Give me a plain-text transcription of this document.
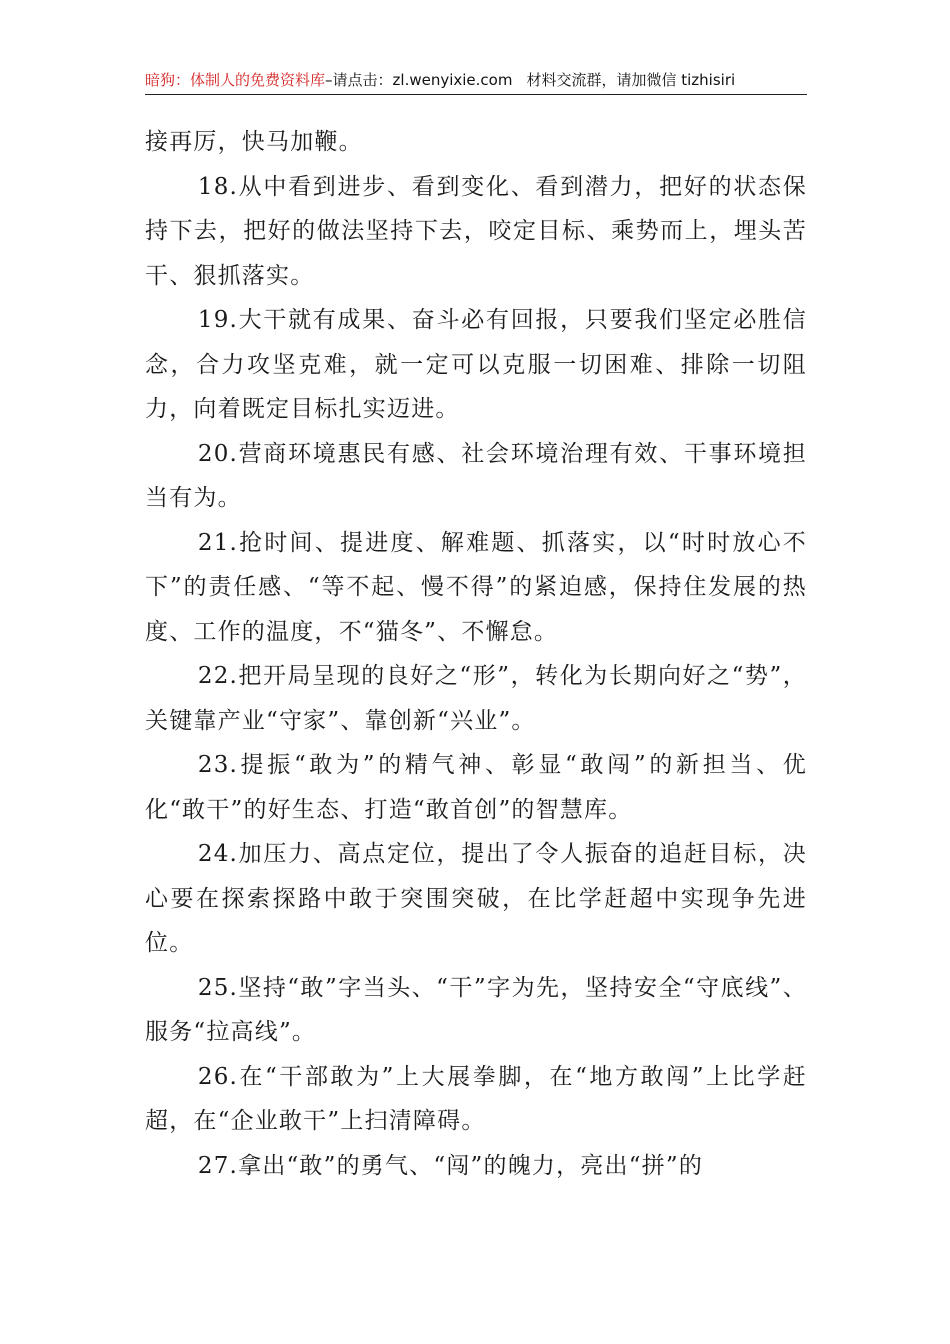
暗狗：体制人的免费资料库–请点击：zl.wenyixie.com 材料交流群，请加微信 tizhisiri

接再厉，快马加鞭。

18.从中看到进步、看到变化、看到潜力，把好的状态保持下去，把好的做法坚持下去，咬定目标、乘势而上，埋头苦干、狠抓落实。

19.大干就有成果、奋斗必有回报，只要我们坚定必胜信念，合力攻坚克难，就一定可以克服一切困难、排除一切阻力，向着既定目标扎实迈进。

20.营商环境惠民有感、社会环境治理有效、干事环境担当有为。

21.抢时间、提进度、解难题、抓落实，以“时时放心不下”的责任感、“等不起、慢不得”的紧迫感，保持住发展的热度、工作的温度，不“猫冬”、不懈怠。

22.把开局呈现的良好之“形”，转化为长期向好之“势”，关键靠产业“守家”、靠创新“兴业”。

23.提振“敢为”的精气神、彰显“敢闯”的新担当、优化“敢干”的好生态、打造“敢首创”的智慧库。

24.加压力、高点定位，提出了令人振奋的追赶目标，决心要在探索探路中敢于突围突破，在比学赶超中实现争先进位。

25.坚持“敢”字当头、“干”字为先，坚持安全“守底线”、服务“拉高线”。

26.在“干部敢为”上大展拳脚，在“地方敢闯”上比学赶超，在“企业敢干”上扫清障碍。

27.拿出“敢”的勇气、“闯”的魄力，亮出“拼”的
